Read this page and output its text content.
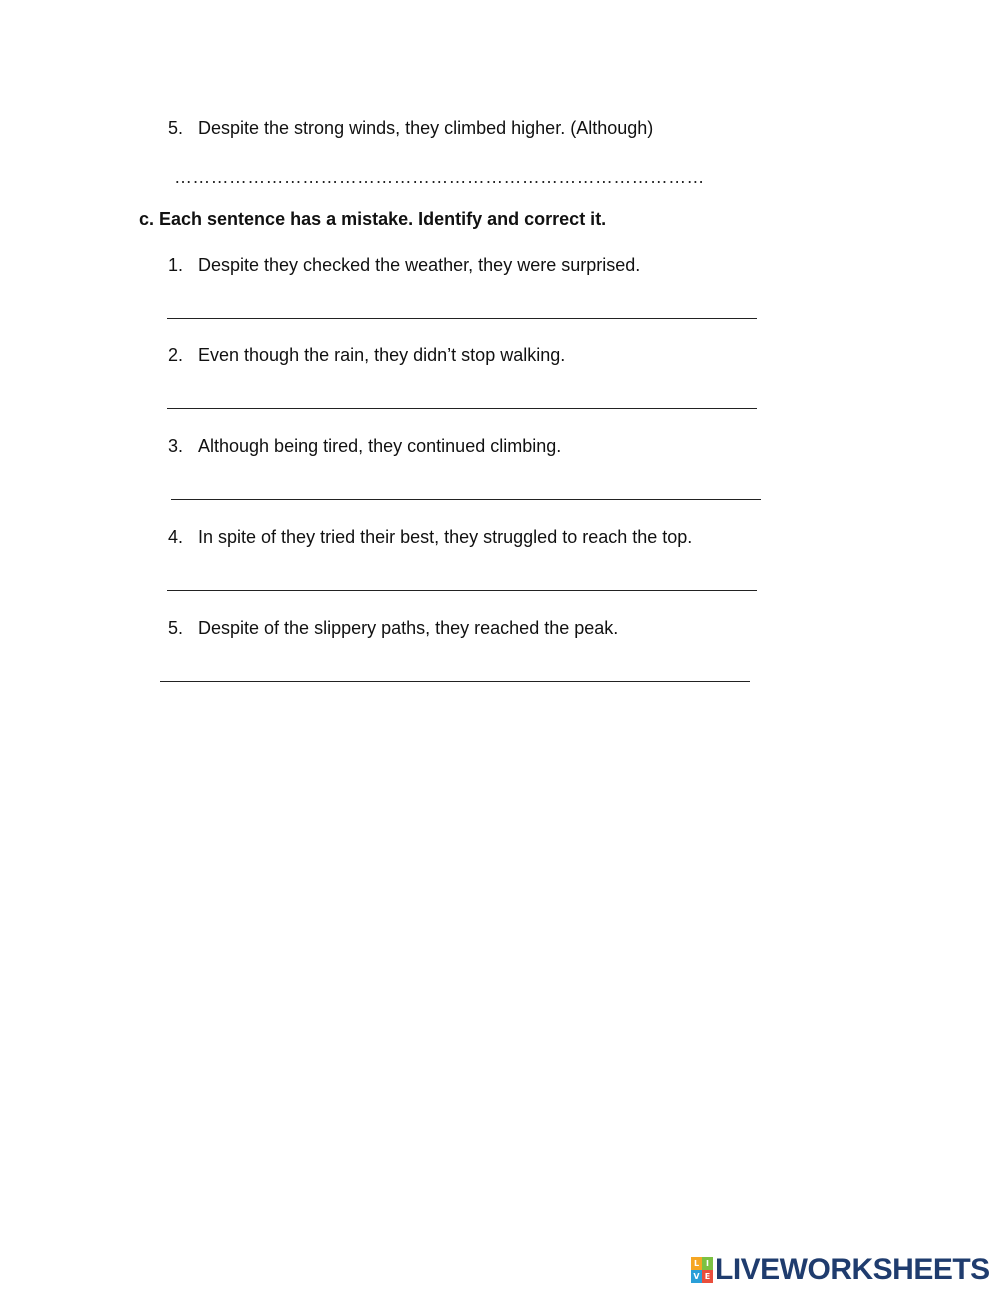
5. Despite the strong winds, they climbed higher. (Although)
……………………………………………………………………………
c. Each sentence has a mistake. Identify and correct it.
1. Despite they checked the weather, they were surprised.
2. Even though the rain, they didn’t stop walking.
3. Although being tired, they continued climbing.
4. In spite of they tried their best, they struggled to reach the top.
5. Despite of the slippery paths, they reached the peak.
L I
V E LIVEWORKSHEETS
